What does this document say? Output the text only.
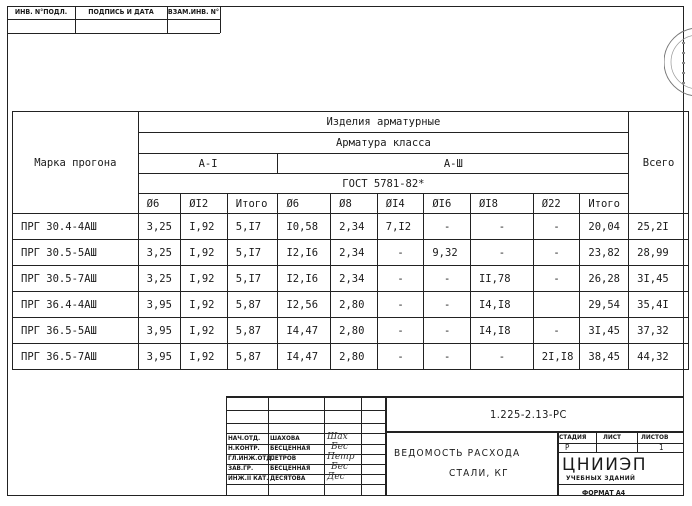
ИНВ. N°ПОДЛ.	ПОДПИСЬ И ДАТА	ВЗАМ.ИНВ. N°
Марка прогона	Изделия арматурные										Всего
	Арматура класса										
	А-I			А-Ш							
	ГОСТ 5781-82*										
	Ø6	ØI2	Итого	Ø6	Ø8	ØI4	ØI6	ØI8	Ø22	Итого	
ПРГ 30.4-4АШ	3,25	I,92	5,I7	I0,58	2,34	7,I2	-	-	-	20,04	25,2I
ПРГ 30.5-5АШ	3,25	I,92	5,I7	I2,I6	2,34	-	9,32	-	-	23,82	28,99
ПРГ 30.5-7АШ	3,25	I,92	5,I7	I2,I6	2,34	-	-	II,78	-	26,28	3I,45
ПРГ 36.4-4АШ	3,95	I,92	5,87	I2,56	2,80	-	-	I4,I8		29,54	35,4I
ПРГ 36.5-5АШ	3,95	I,92	5,87	I4,47	2,80	-	-	I4,I8	-	3I,45	37,32
ПРГ 36.5-7АШ	3,95	I,92	5,87	I4,47	2,80	-	-	-	2I,I8	38,45	44,32
НАЧ.ОТД. ШАХОВА	Шах
Н.КОНТР. БЕСЦЕННАЯ Бес
ГЛ.ИНЖ.ОТД.
ПЕТРОВ	Петр
ЗАВ.ГР.	БЕСЦЕННАЯ Бес
ИНЖ.II КАТ. ДЕСЯТОВА Дес
1.225-2.13-РС
ВЕДОМОСТЬ РАСХОДА
СТАЛИ, КГ
СТАДИЯ	ЛИСТ	ЛИСТОВ
Р	1
ЦНИИЭП
УЧЕБНЫХ ЗДАНИЙ
ФОРМАТ А4
